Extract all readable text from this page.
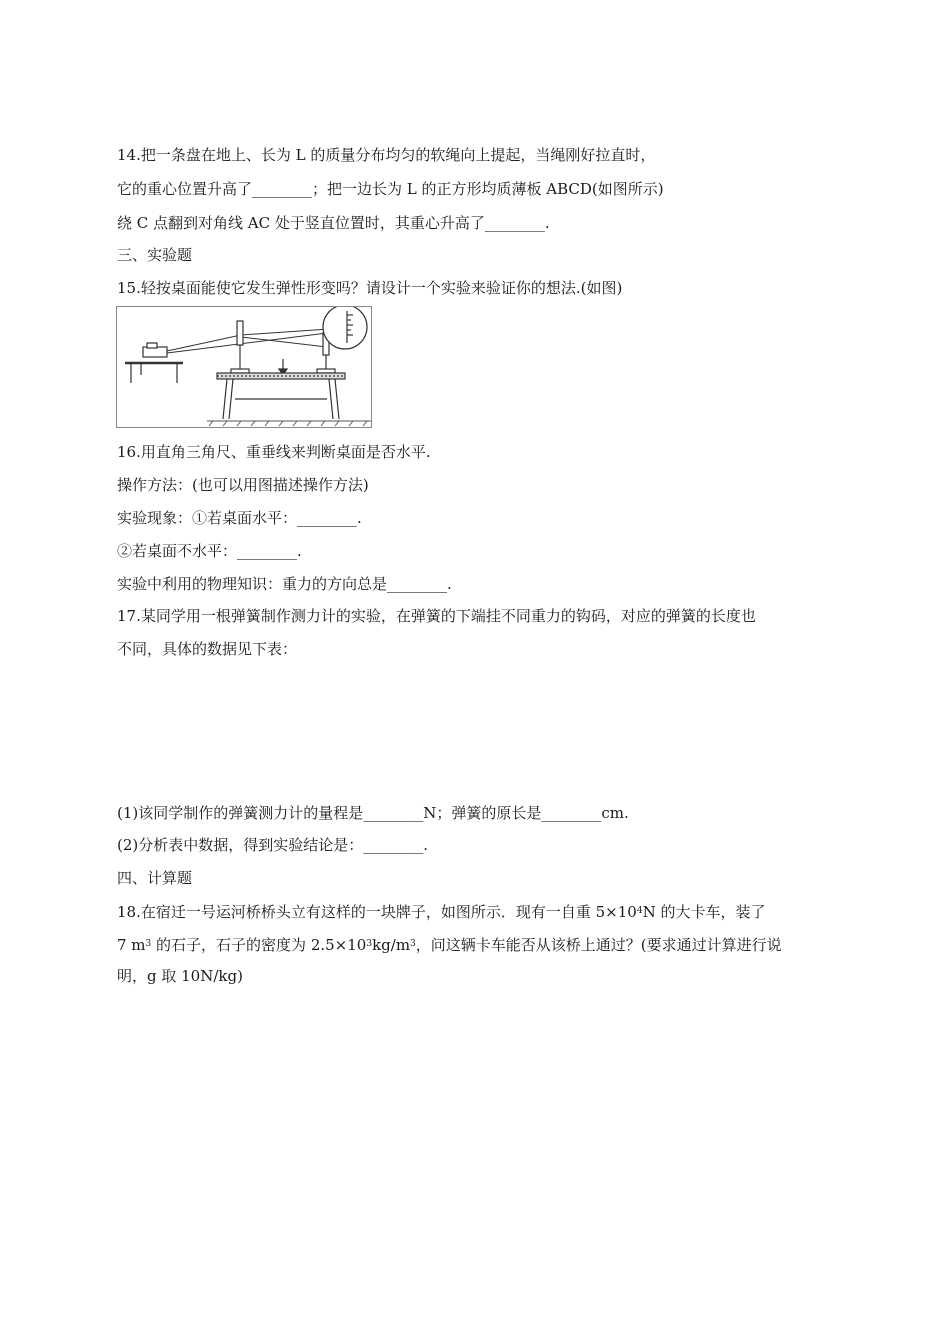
14.把一条盘在地上、长为 L 的质量分布均匀的软绳向上提起，当绳刚好拉直时，
它的重心位置升高了________；把一边长为 L 的正方形均质薄板 ABCD(如图所示)
绕 C 点翻到对角线 AC 处于竖直位置时，其重心升高了________.
三、实验题
15.轻按桌面能使它发生弹性形变吗？请设计一个实验来验证你的想法.(如图)
16.用直角三角尺、重垂线来判断桌面是否水平.
操作方法：(也可以用图描述操作方法)
实验现象：①若桌面水平：________.
②若桌面不水平：________.
实验中利用的物理知识：重力的方向总是________.
17.某同学用一根弹簧制作测力计的实验，在弹簧的下端挂不同重力的钩码，对应的弹簧的长度也
不同，具体的数据见下表：
(1)该同学制作的弹簧测力计的量程是________N；弹簧的原长是________cm.
(2)分析表中数据，得到实验结论是：________.
四、计算题
18.在宿迁一号运河桥桥头立有这样的一块牌子，如图所示．现有一自重 $5\times 10^4N$ 的大卡车，装了
7 $m^3$ 的石子，石子的密度为 $2.5\times 10^3kg/m^3$，问这辆卡车能否从该桥上通过？(要求通过计算进行说
明，g 取 10N/kg)
